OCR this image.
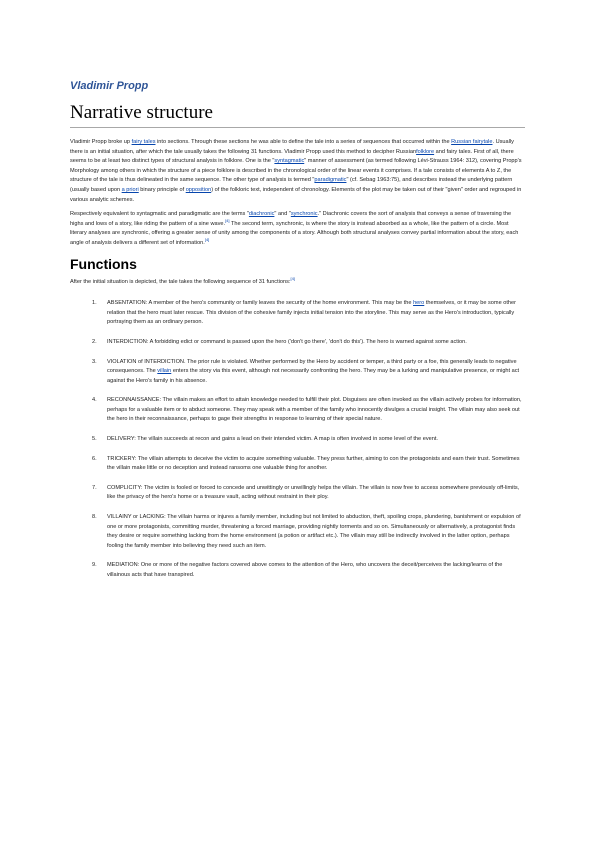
Vladimir Propp
Narrative structure

Vladimir Propp broke up fairy tales into sections. Through these sections he was able to define the tale into a series of sequences that occurred within the Russian fairytale. Usually there is an initial situation, after which the tale usually takes the following 31 functions. Vladimir Propp used this method to decipher Russianfolklore and fairy tales. First of all, there seems to be at least two distinct types of structural analysis in folklore. One is the "syntagmatic" manner of assessment (as termed following Lévi-Strauss 1964: 312), covering Propp's Morphology among others in which the structure of a piece folklore is described in the chronological order of the linear events it comprises. If a tale consists of elements A to Z, the structure of the tale is thus delineated in the same sequence. The other type of analysis is termed "paradigmatic" (cf. Sebag 1963:75), and describes instead the underlying pattern (usually based upon a priori binary principle of opposition) of the folkloric text, independent of chronology. Elements of the plot may be taken out of their "given" order and regrouped in various analytic schemes.

Respectively equivalent to syntagmatic and paradigmatic are the terms "diachronic" and "synchronic." Diachronic covers the sort of analysis that conveys a sense of traversing the highs and lows of a story, like riding the pattern of a sine wave.[4] The second term, synchronic, is where the story is instead absorbed as a whole, like the pattern of a circle. Most literary analyses are synchronic, offering a greater sense of unity among the components of a story. Although both structural analyses convey partial information about the story, each angle of analysis delivers a different set of information.[4]

Functions

After the initial situation is depicted, the tale takes the following sequence of 31 functions:[4]

1. ABSENTATION: A member of the hero's community or family leaves the security of the home environment. This may be the hero themselves, or it may be some other relation that the hero must later rescue. This division of the cohesive family injects initial tension into the storyline. This may serve as the Hero's introduction, typically portraying them as an ordinary person.
2. INTERDICTION: A forbidding edict or command is passed upon the hero ('don't go there', 'don't do this'). The hero is warned against some action.
3. VIOLATION of INTERDICTION. The prior rule is violated. Whether performed by the Hero by accident or temper, a third party or a foe, this generally leads to negative consequences. The villain enters the story via this event, although not necessarily confronting the hero. They may be a lurking and manipulative presence, or might act against the Hero's family in his absence.
4. RECONNAISSANCE: The villain makes an effort to attain knowledge needed to fulfill their plot. Disguises are often invoked as the villain actively probes for information, perhaps for a valuable item or to abduct someone. They may speak with a member of the family who innocently divulges a crucial insight. The villain may also seek out the hero in their reconnaissance, perhaps to gage their strengths in response to learning of their special nature.
5. DELIVERY: The villain succeeds at recon and gains a lead on their intended victim. A map is often involved in some level of the event.
6. TRICKERY: The villain attempts to deceive the victim to acquire something valuable. They press further, aiming to con the protagonists and earn their trust. Sometimes the villain make little or no deception and instead ransoms one valuable thing for another.
7. COMPLICITY: The victim is fooled or forced to concede and unwittingly or unwillingly helps the villain. The villain is now free to access somewhere previously off-limits, like the privacy of the hero's home or a treasure vault, acting without restraint in their ploy.
8. VILLAINY or LACKING: The villain harms or injures a family member, including but not limited to abduction, theft, spoiling crops, plundering, banishment or expulsion of one or more protagonists, committing murder, threatening a forced marriage, providing nightly torments and so on. Simultaneously or alternatively, a protagonist finds they desire or require something lacking from the home environment (a potion or artifact etc.). The villain may still be indirectly involved in the latter option, perhaps fooling the family member into believing they need such an item.
9. MEDIATION: One or more of the negative factors covered above comes to the attention of the Hero, who uncovers the deceit/perceives the lacking/learns of the villainous acts that have transpired.
